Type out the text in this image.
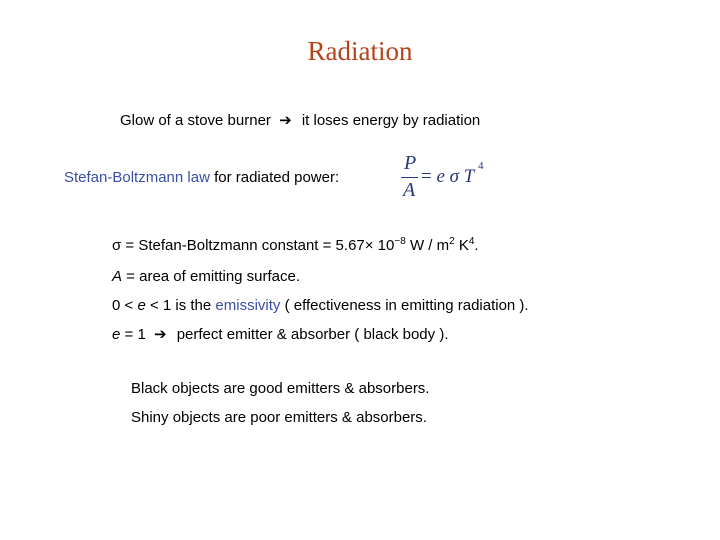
Radiation
Glow of a stove burner ➔ it loses energy by radiation
Stefan-Boltzmann law for radiated power:
P
A
= e σ T 4
σ = Stefan-Boltzmann constant = $5.67\times 10^{-8}$ W / $m^2$ $K^4$.
A = area of emitting surface.
0 < e < 1 is the emissivity ( effectiveness in emitting radiation ).
e = 1 ➔ perfect emitter & absorber ( black body ).
Black objects are good emitters & absorbers.
Shiny objects are poor emitters & absorbers.
